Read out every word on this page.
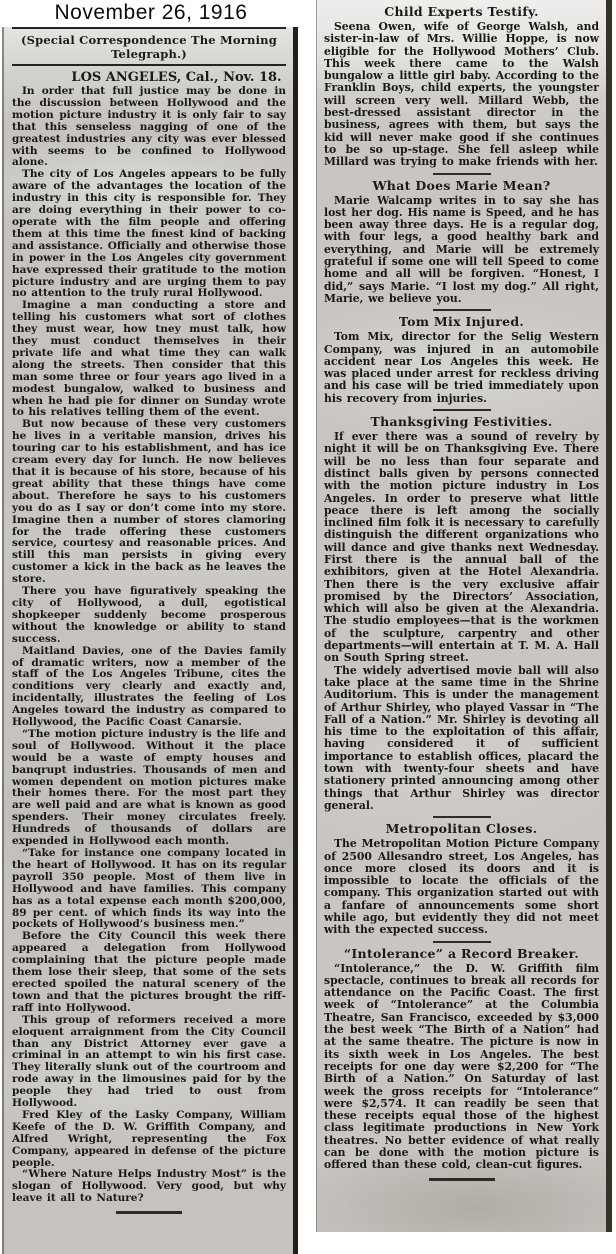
November 26, 1916
(Special Correspondence The Morning Telegraph.)
LOS ANGELES, Cal., Nov. 18.

In order that full justice may be done in the discussion between Hollywood and the motion picture industry it is only fair to say that this senseless nagging of one of the greatest industries any city was ever blessed with seems to be confined to Hollywood alone.

The city of Los Angeles appears to be fully aware of the advantages the location of the industry in this city is responsible for. They are doing everything in their power to co-operate with the film people and offering them at this time the finest kind of backing and assistance. Officially and otherwise those in power in the Los Angeles city government have expressed their gratitude to the motion picture industry and are urging them to pay no attention to the truly rural Hollywood.

Imagine a man conducting a store and telling his customers what sort of clothes they must wear, how tney must talk, how they must conduct themselves in their private life and what time they can walk along the streets. Then consider that this man some three or four years ago lived in a modest bungalow, walked to business and when he had pie for dinner on Sunday wrote to his relatives telling them of the event.

But now because of these very customers he lives in a veritable mansion, drives his touring car to his establishment, and has ice cream every day for lunch. He now believes that it is because of his store, because of his great ability that these things have come about. Therefore he says to his customers you do as I say or don’t come into my store. Imagine then a number of stores clamoring for the trade offering these customers service, courtesy and reasonable prices. And still this man persists in giving every customer a kick in the back as he leaves the store.

There you have figuratively speaking the city of Hollywood, a dull, egotistical shopkeeper suddenly become prosperous without the knowledge or ability to stand success.

Maitland Davies, one of the Davies family of dramatic writers, now a member of the staff of the Los Angeles Tribune, cites the conditions very clearly and exactly and, incidentally, illustrates the feeling of Los Angeles toward the industry as compared to Hollywood, the Pacific Coast Canarsie.

“The motion picture industry is the life and soul of Hollywood. Without it the place would be a waste of empty houses and banqrupt industries. Thousands of men and women dependent on motion pictures make their homes there. For the most part they are well paid and are what is known as good spenders. Their money circulates freely. Hundreds of thousands of dollars are expended in Hollywood each month.

“Take for instance one company located in the heart of Hollywood. It has on its regular payroll 350 people. Most of them live in Hollywood and have families. This company has as a total expense each month $200,000, 89 per cent. of which finds its way into the pockets of Hollywood’s business men.”

Before the City Council this week there appeared a delegation from Hollywood complaining that the picture people made them lose their sleep, that some of the sets erected spoiled the natural scenery of the town and that the pictures brought the riff-raff into Hollywood.

This group of reformers received a more eloquent arraignment from the City Council than any District Attorney ever gave a criminal in an attempt to win his first case. They literally slunk out of the courtroom and rode away in the limousines paid for by the people they had tried to oust from Hollywood.

Fred Kley of the Lasky Company, William Keefe of the D. W. Griffith Company, and Alfred Wright, representing the Fox Company, appeared in defense of the picture people.

“Where Nature Helps Industry Most” is the slogan of Hollywood. Very good, but why leave it all to Nature?

Child Experts Testify.

Seena Owen, wife of George Walsh, and sister-in-law of Mrs. Willie Hoppe, is now eligible for the Hollywood Mothers’ Club. This week there came to the Walsh bungalow a little girl baby. According to the Franklin Boys, child experts, the youngster will screen very well. Millard Webb, the best-dressed assistant director in the business, agrees with them, but says the kid will never make good if she continues to be so up-stage. She fell asleep while Millard was trying to make friends with her.

What Does Marie Mean?

Marie Walcamp writes in to say she has lost her dog. His name is Speed, and he has been away three days. He is a regular dog, with four legs, a good healthy bark and everything, and Marie will be extremely grateful if some one will tell Speed to come home and all will be forgiven. “Honest, I did,” says Marie. “I lost my dog.” All right, Marie, we believe you.

Tom Mix Injured.

Tom Mix, director for the Selig Western Company, was injured in an automobile accident near Los Angeles this week. He was placed under arrest for reckless driving and his case will be tried immediately upon his recovery from injuries.

Thanksgiving Festivities.

If ever there was a sound of revelry by night it will be on Thanksgiving Eve. There will be no less than four separate and distinct balls given by persons connected with the motion picture industry in Los Angeles. In order to preserve what little peace there is left among the socially inclined film folk it is necessary to carefully distinguish the different organizations who will dance and give thanks next Wednesday. First there is the annual ball of the exhibitors, given at the Hotel Alexandria. Then there is the very exclusive affair promised by the Directors’ Association, which will also be given at the Alexandria. The studio employees—that is the workmen of the sculpture, carpentry and other departments—will entertain at T. M. A. Hall on South Spring street.

The widely advertised movie ball will also take place at the same time in the Shrine Auditorium. This is under the management of Arthur Shirley, who played Vassar in “The Fall of a Nation.” Mr. Shirley is devoting all his time to the exploitation of this affair, having considered it of sufficient importance to establish offices, placard the town with twenty-four sheets and have stationery printed announcing among other things that Arthur Shirley was director general.

Metropolitan Closes.

The Metropolitan Motion Picture Company of 2500 Allesandro street, Los Angeles, has once more closed its doors and it is impossible to locate the officials of the company. This organization started out with a fanfare of announcements some short while ago, but evidently they did not meet with the expected success.

“Intolerance” a Record Breaker.

“Intolerance,” the D. W. Griffith film spectacle, continues to break all records for attendance on the Pacific Coast. The first week of “Intolerance” at the Columbia Theatre, San Francisco, exceeded by $3,000 the best week “The Birth of a Nation” had at the same theatre. The picture is now in its sixth week in Los Angeles. The best receipts for one day were $2,200 for “The Birth of a Nation.” On Saturday of last week the gross receipts for “Intolerance” were $2,574. It can readily be seen that these receipts equal those of the highest class legitimate productions in New York theatres. No better evidence of what really can be done with the motion picture is offered than these cold, clean-cut figures.
